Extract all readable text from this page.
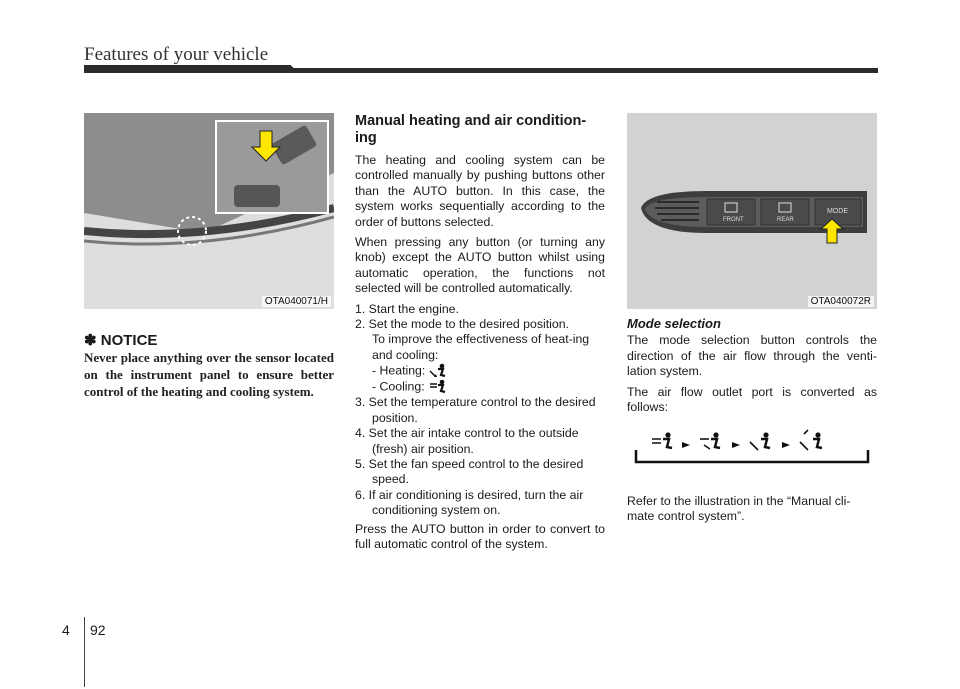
Features of your vehicle
OTA040071/H
✽ NOTICE
Never place anything over the sensor located on the instrument panel to ensure better control of the heating and cooling system.
Manual heating and air condition-ing

The heating and cooling system can be controlled manually by pushing buttons other than the AUTO button. In this case, the system works sequentially according to the order of buttons selected.

When pressing any button (or turning any knob) except the AUTO button whilst using automatic operation, the functions not selected will be controlled automatically.

1. Start the engine.

2. Set the mode to the desired position.

To improve the effectiveness of heat-ing and cooling:

- Heating:

- Cooling:

3. Set the temperature control to the desired position.

4. Set the air intake control to the outside (fresh) air position.

5. Set the fan speed control to the desired speed.

6. If air conditioning is desired, turn the air conditioning system on.

Press the AUTO button in order to convert to full automatic control of the system.

FRONT	REAR
MODE
OTA040072R
Mode selection

The mode selection button controls the direction of the air flow through the venti-lation system.

The air flow outlet port is converted as follows:

Refer to the illustration in the “Manual cli-mate control system”.
4 92
